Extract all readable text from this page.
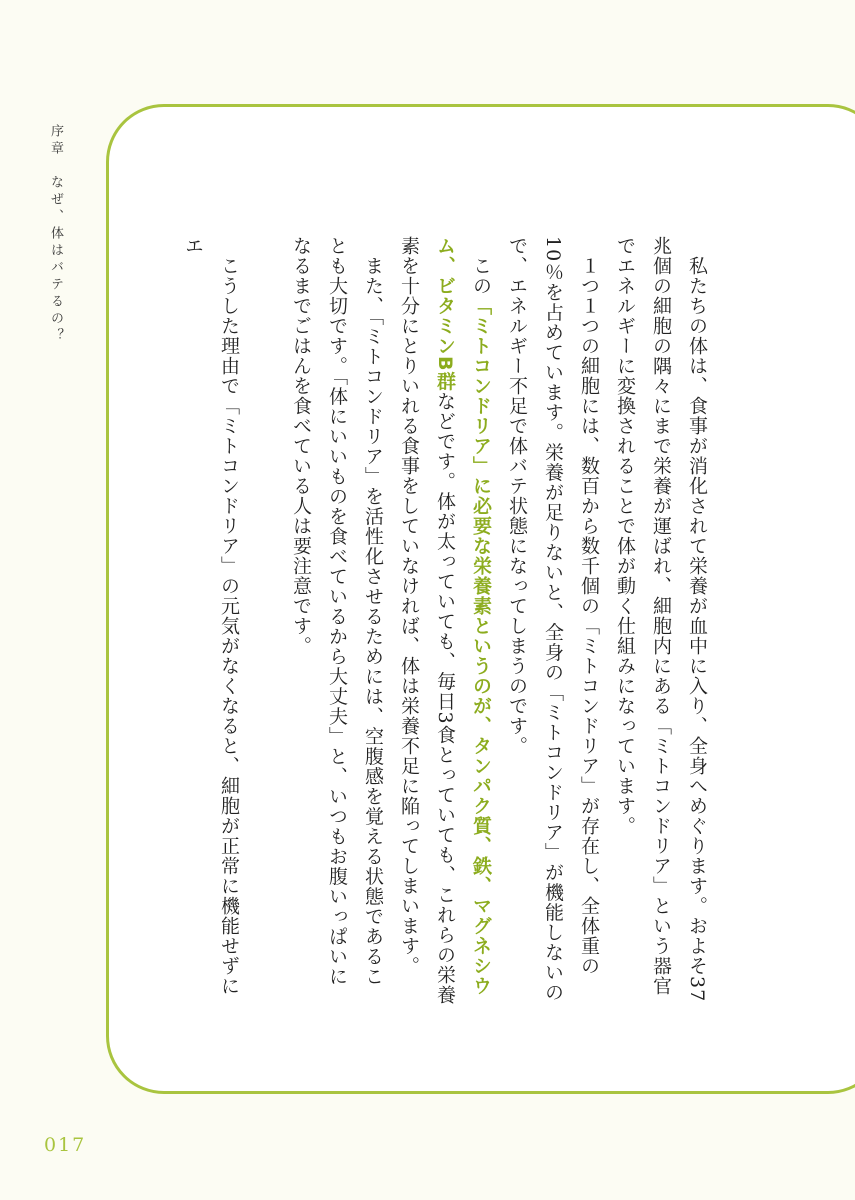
序章　なぜ、体はバテるの？
017

　私たちの体は、食事が消化されて栄養が血中に入り、全身へめぐります。およそ37兆個の細胞の隅々にまで栄養が運ばれ、細胞内にある「ミトコンドリア」という器官でエネルギーに変換されることで体が動く仕組みになっています。

　１つ１つの細胞には、数百から数千個の「ミトコンドリア」が存在し、全体重の10％を占めています。栄養が足りないと、全身の「ミトコンドリア」が機能しないので、エネルギー不足で体バテ状態になってしまうのです。

　この「ミトコンドリア」に必要な栄養素というのが、タンパク質、鉄、マグネシウム、ビタミンB群などです。体が太っていても、毎日3食とっていても、これらの栄養素を十分にとりいれる食事をしていなければ、体は栄養不足に陥ってしまいます。

　また、「ミトコンドリア」を活性化させるためには、空腹感を覚える状態であることも大切です。「体にいいものを食べているから大丈夫」と、いつもお腹いっぱいになるまでごはんを食べている人は要注意です。

　こうした理由で「ミトコンドリア」の元気がなくなると、細胞が正常に機能せずにエ
